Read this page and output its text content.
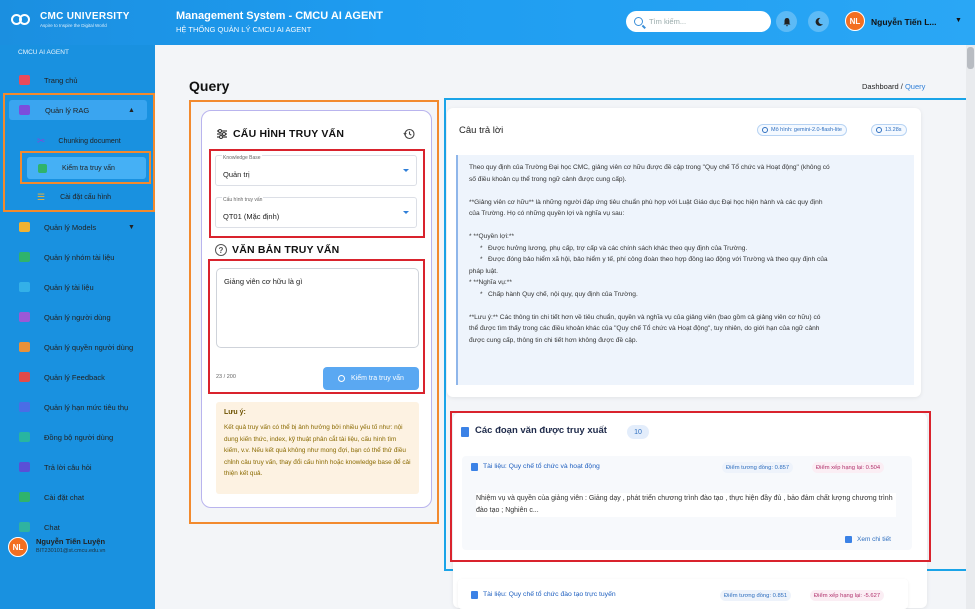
CMC UNIVERSITY
Aspire to Inspire the Digital World
Management System - CMCU AI AGENT
HỆ THỐNG QUẢN LÝ CMCU AI AGENT
Tìm kiếm...
NL	Nguyễn Tiến L...	▼
CMCU AI AGENT
Trang chủ
Quản lý RAG	▲
✂ Chunking document
Kiểm tra truy vấn
☰ Cài đặt cấu hình
Quản lý Models	▼
Quản lý nhóm tài liệu
Quản lý tài liệu
Quản lý người dùng
Quản lý quyền người dùng
Quản lý Feedback
Quản lý hạn mức tiêu thụ
Đồng bộ người dùng
Trả lời câu hỏi
Cài đặt chat
Chat
NL
Nguyễn Tiến Luyện
BIT230101@st.cmcu.edu.vn
Query	Dashboard / Query
CẤU HÌNH TRUY VẤN
Knowledge Base
Quản trị
Cấu hình truy vấn
QT01 (Mặc định)
? VĂN BẢN TRUY VẤN
Giảng viên cơ hữu là gì
23 / 200	Kiểm tra truy vấn
Lưu ý:
Kết quả truy vấn có thể bị ảnh hưởng bởi nhiều yếu tố như: nội dung kiến thức, index, kỹ thuật phân cắt tài liệu, cấu hình tìm kiếm, v.v. Nếu kết quả không như mong đợi, bạn có thể thử điều chỉnh câu truy vấn, thay đổi cấu hình hoặc knowledge base để cải thiện kết quả.
Câu trả lời	Mô hình: gemini-2.0-flash-lite	13.28s

Theo quy định của Trường Đại học CMC, giảng viên cơ hữu được đề cập trong "Quy chế Tổ chức và Hoạt động" (không có

số điều khoản cụ thể trong ngữ cảnh được cung cấp).

**Giảng viên cơ hữu** là những người đáp ứng tiêu chuẩn phù hợp với Luật Giáo dục Đại học hiện hành và các quy định

của Trường. Họ có những quyền lợi và nghĩa vụ sau:

* **Quyền lợi:**

*   Được hưởng lương, phụ cấp, trợ cấp và các chính sách khác theo quy định của Trường.

*   Được đóng bảo hiểm xã hội, bảo hiểm y tế, phí công đoàn theo hợp đồng lao động với Trường và theo quy định của

pháp luật.

* **Nghĩa vụ:**

*   Chấp hành Quy chế, nội quy, quy định của Trường.

**Lưu ý:** Các thông tin chi tiết hơn về tiêu chuẩn, quyền và nghĩa vụ của giảng viên (bao gồm cả giảng viên cơ hữu) có

thể được tìm thấy trong các điều khoản khác của "Quy chế Tổ chức và Hoạt động", tuy nhiên, do giới hạn của ngữ cảnh

được cung cấp, thông tin chi tiết hơn không được đề cập.

Các đoạn văn được truy xuất	10
Tài liệu: Quy chế tổ chức và hoạt động	Điểm tương đồng: 0.857	Điểm xếp hạng lại: 0.504
Nhiệm vụ và quyền của giảng viên : Giảng dạy , phát triển chương trình đào tạo , thực hiện đầy đủ , bảo đảm chất lượng chương trình đào tạo ; Nghiên c...
Xem chi tiết
Tài liệu: Quy chế tổ chức đào tạo trực tuyến	Điểm tương đồng: 0.851	Điểm xếp hạng lại: -5.627
